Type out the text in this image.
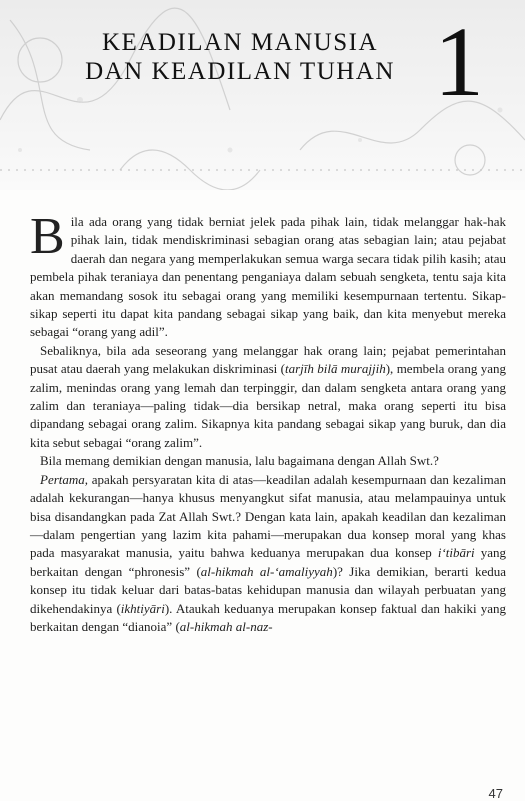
KEADILAN MANUSIA
DAN KEADILAN TUHAN 1

Bila ada orang yang tidak berniat jelek pada pihak lain, tidak melanggar hak-hak pihak lain, tidak mendiskriminasi sebagian orang atas sebagian lain; atau pejabat daerah dan negara yang memperlakukan semua warga secara tidak pilih kasih; atau pembela pihak teraniaya dan penentang penganiaya dalam sebuah sengketa, tentu saja kita akan memandang sosok itu sebagai orang yang memiliki kesempurnaan tertentu. Sikap-sikap seperti itu dapat kita pandang sebagai sikap yang baik, dan kita menyebut mereka sebagai “orang yang adil”.

Sebaliknya, bila ada seseorang yang melanggar hak orang lain; pejabat pemerintahan pusat atau daerah yang melakukan diskriminasi (tarjīh bilā murajjih), membela orang yang zalim, menindas orang yang lemah dan terpinggir, dan dalam sengketa antara orang yang zalim dan teraniaya—paling tidak—dia bersikap netral, maka orang seperti itu bisa dipandang sebagai orang zalim. Sikapnya kita pandang sebagai sikap yang buruk, dan dia kita sebut sebagai “orang zalim”.

Bila memang demikian dengan manusia, lalu bagaimana dengan Allah Swt.?

Pertama, apakah persyaratan kita di atas—keadilan adalah kesempurnaan dan kezaliman adalah kekurangan—hanya khusus menyangkut sifat manusia, atau melampauinya untuk bisa disandangkan pada Zat Allah Swt.? Dengan kata lain, apakah keadilan dan kezaliman—dalam pengertian yang lazim kita pahami—merupakan dua konsep moral yang khas pada masyarakat manusia, yaitu bahwa keduanya merupakan dua konsep i‘tibāri yang berkaitan dengan “phronesis” (al-hikmah al-‘amaliyyah)? Jika demikian, berarti kedua konsep itu tidak keluar dari batas-batas kehidupan manusia dan wilayah perbuatan yang dikehendakinya (ikhtiyāri). Ataukah keduanya merupakan konsep faktual dan hakiki yang berkaitan dengan “dianoia” (al-hikmah al-naz-

47
